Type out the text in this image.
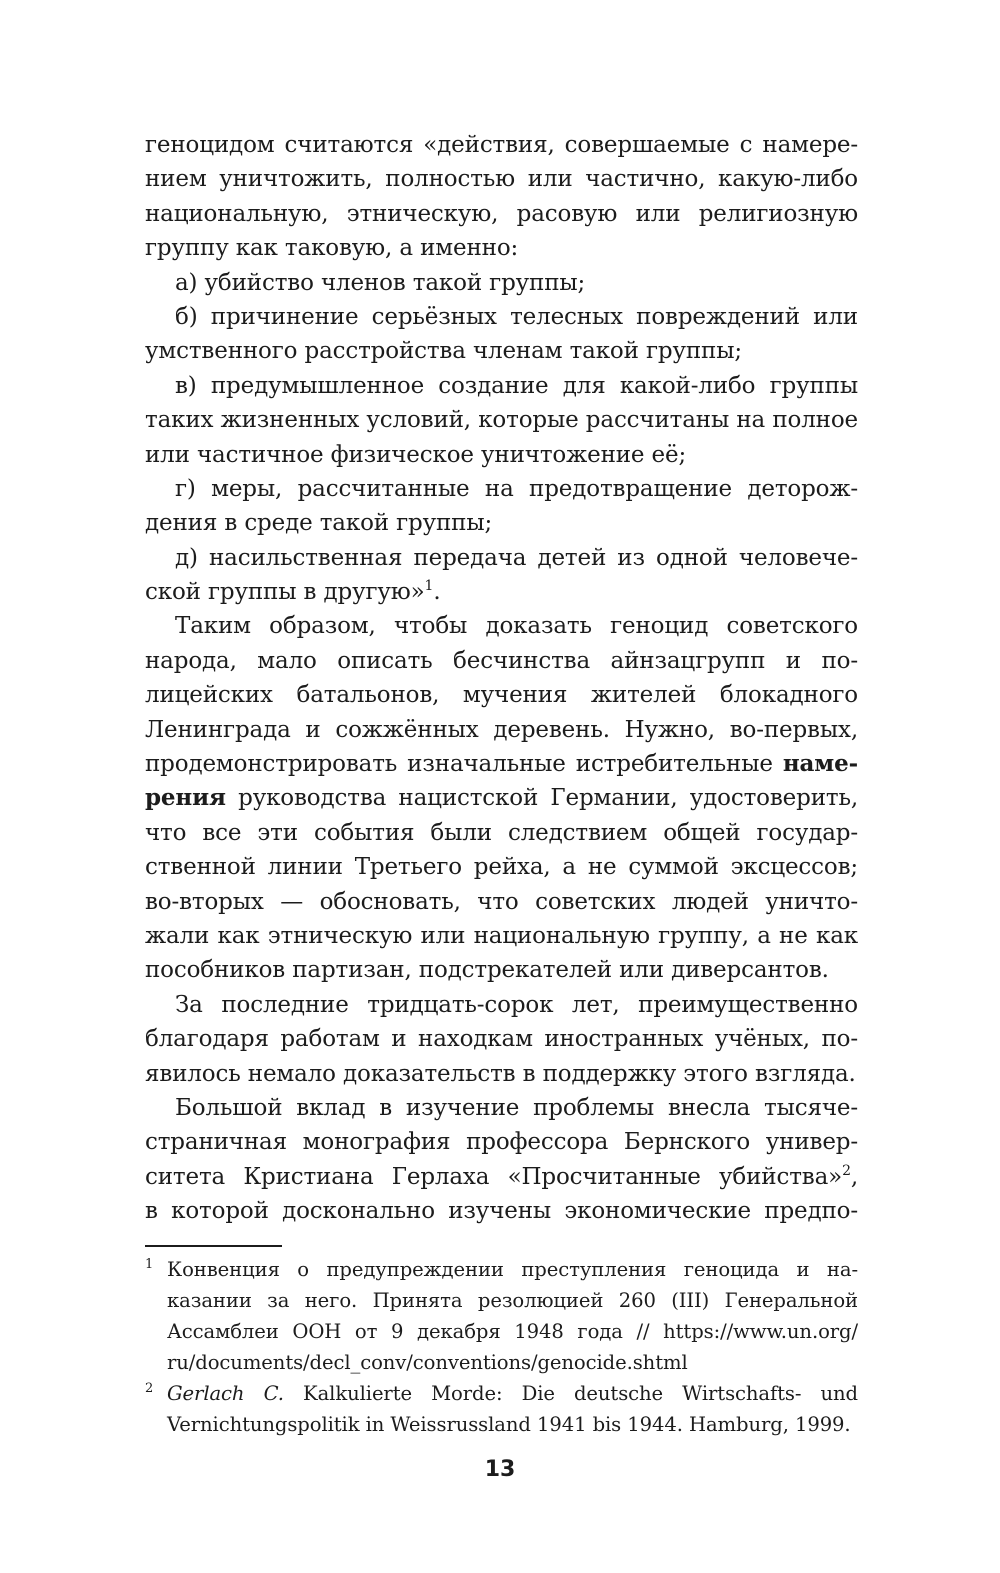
геноцидом считаются «действия, совершаемые с намере-
нием уничтожить, полностью или частично, какую-либо
национальную, этническую, расовую или религиозную
группу как таковую, а именно:
а) убийство членов такой группы;
б) причинение серьёзных телесных повреждений или
умственного расстройства членам такой группы;
в) предумышленное создание для какой-либо группы
таких жизненных условий, которые рассчитаны на полное
или частичное физическое уничтожение её;
г) меры, рассчитанные на предотвращение деторож-
дения в среде такой группы;
д) насильственная передача детей из одной человече-
ской группы в другую»$^1$.
Таким образом, чтобы доказать геноцид советского
народа, мало описать бесчинства айнзацгрупп и по-
лицейских батальонов, мучения жителей блокадного
Ленинграда и сожжённых деревень. Нужно, во-первых,
продемонстрировать изначальные истребительные наме-
рения руководства нацистской Германии, удостоверить,
что все эти события были следствием общей государ-
ственной линии Третьего рейха, а не суммой эксцессов;
во-вторых — обосновать, что советских людей уничто-
жали как этническую или национальную группу, а не как
пособников партизан, подстрекателей или диверсантов.
За последние тридцать-сорок лет, преимущественно
благодаря работам и находкам иностранных учёных, по-
явилось немало доказательств в поддержку этого взгляда.
Большой вклад в изучение проблемы внесла тысяче-
страничная монография профессора Бернского универ-
ситета Кристиана Герлаха «Просчитанные убийства»$^2$,
в которой досконально изучены экономические предпо-
1 Конвенция о предупреждении преступления геноцида и на-
казании за него. Принята резолюцией 260 (III) Генеральной
Ассамблеи ООН от 9 декабря 1948 года // https://www.un.org/
ru/documents/decl_conv/conventions/genocide.shtml
2 Gerlach C. Kalkulierte Morde: Die deutsche Wirtschafts- und
Vernichtungspolitik in Weissrussland 1941 bis 1944. Hamburg, 1999.
13
